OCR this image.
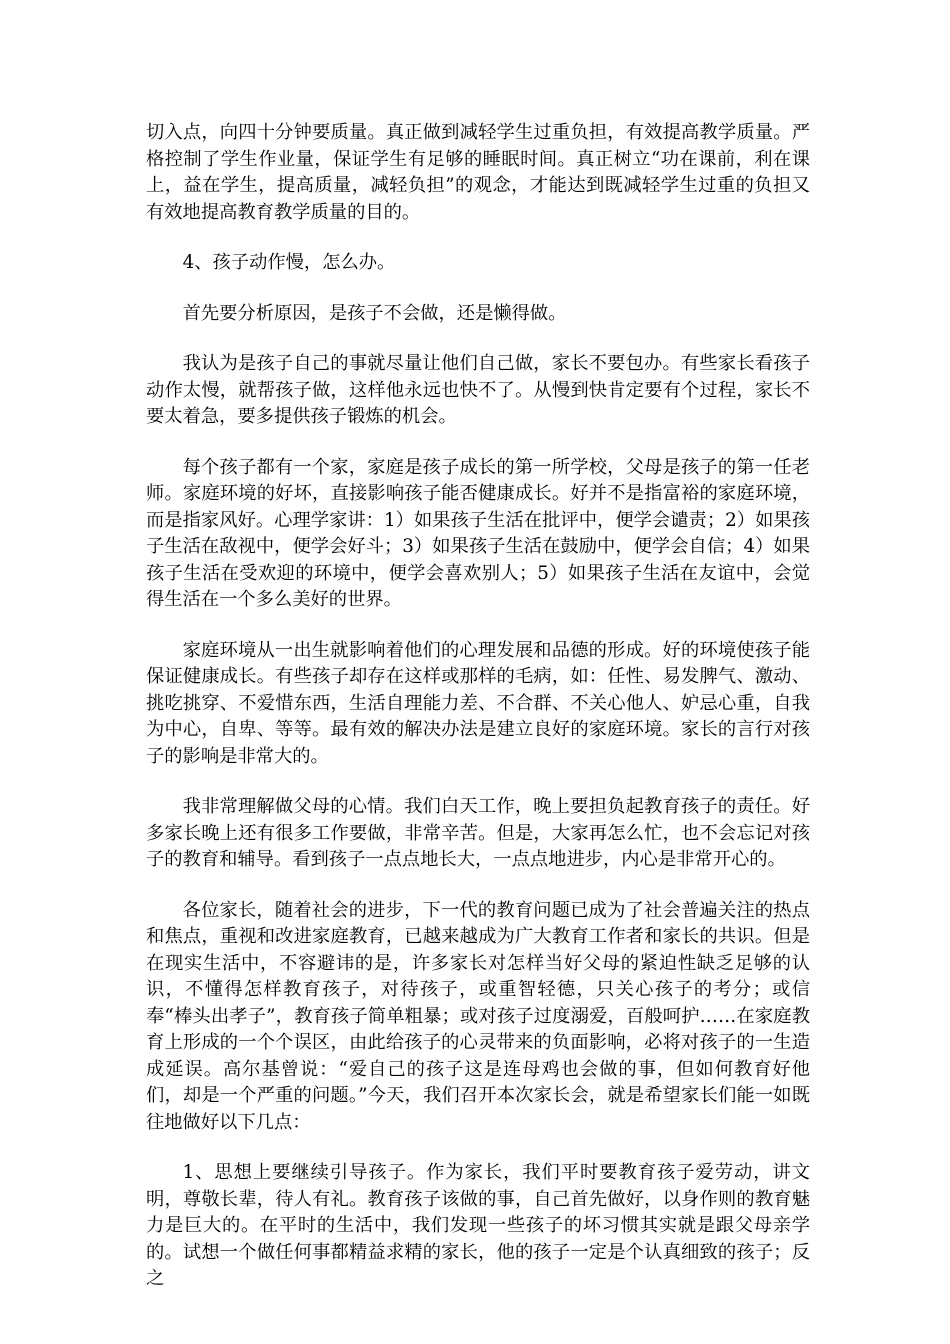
切入点，向四十分钟要质量。真正做到减轻学生过重负担，有效提高教学质量。严格控制了学生作业量，保证学生有足够的睡眠时间。真正树立“功在课前，利在课上，益在学生，提高质量，减轻负担”的观念，才能达到既减轻学生过重的负担又有效地提高教育教学质量的目的。

4、孩子动作慢，怎么办。

首先要分析原因，是孩子不会做，还是懒得做。

我认为是孩子自己的事就尽量让他们自己做，家长不要包办。有些家长看孩子动作太慢，就帮孩子做，这样他永远也快不了。从慢到快肯定要有个过程，家长不要太着急，要多提供孩子锻炼的机会。

每个孩子都有一个家，家庭是孩子成长的第一所学校，父母是孩子的第一任老师。家庭环境的好坏，直接影响孩子能否健康成长。好并不是指富裕的家庭环境，而是指家风好。心理学家讲：1）如果孩子生活在批评中，便学会谴责；2）如果孩子生活在敌视中，便学会好斗；3）如果孩子生活在鼓励中，便学会自信；4）如果孩子生活在受欢迎的环境中，便学会喜欢别人；5）如果孩子生活在友谊中，会觉得生活在一个多么美好的世界。

家庭环境从一出生就影响着他们的心理发展和品德的形成。好的环境使孩子能保证健康成长。有些孩子却存在这样或那样的毛病，如：任性、易发脾气、激动、挑吃挑穿、不爱惜东西，生活自理能力差、不合群、不关心他人、妒忌心重，自我为中心，自卑、等等。最有效的解决办法是建立良好的家庭环境。家长的言行对孩子的影响是非常大的。

我非常理解做父母的心情。我们白天工作，晚上要担负起教育孩子的责任。好多家长晚上还有很多工作要做，非常辛苦。但是，大家再怎么忙，也不会忘记对孩子的教育和辅导。看到孩子一点点地长大，一点点地进步，内心是非常开心的。

各位家长，随着社会的进步，下一代的教育问题已成为了社会普遍关注的热点和焦点，重视和改进家庭教育，已越来越成为广大教育工作者和家长的共识。但是在现实生活中，不容避讳的是，许多家长对怎样当好父母的紧迫性缺乏足够的认识，不懂得怎样教育孩子，对待孩子，或重智轻德，只关心孩子的考分；或信奉“棒头出孝子”，教育孩子简单粗暴；或对孩子过度溺爱，百般呵护……在家庭教育上形成的一个个误区，由此给孩子的心灵带来的负面影响，必将对孩子的一生造成延误。高尔基曾说：“爱自己的孩子这是连母鸡也会做的事，但如何教育好他们，却是一个严重的问题。”今天，我们召开本次家长会，就是希望家长们能一如既往地做好以下几点：

1、思想上要继续引导孩子。作为家长，我们平时要教育孩子爱劳动，讲文明，尊敬长辈，待人有礼。教育孩子该做的事，自己首先做好，以身作则的教育魅力是巨大的。在平时的生活中，我们发现一些孩子的坏习惯其实就是跟父母亲学的。试想一个做任何事都精益求精的家长，他的孩子一定是个认真细致的孩子；反之
